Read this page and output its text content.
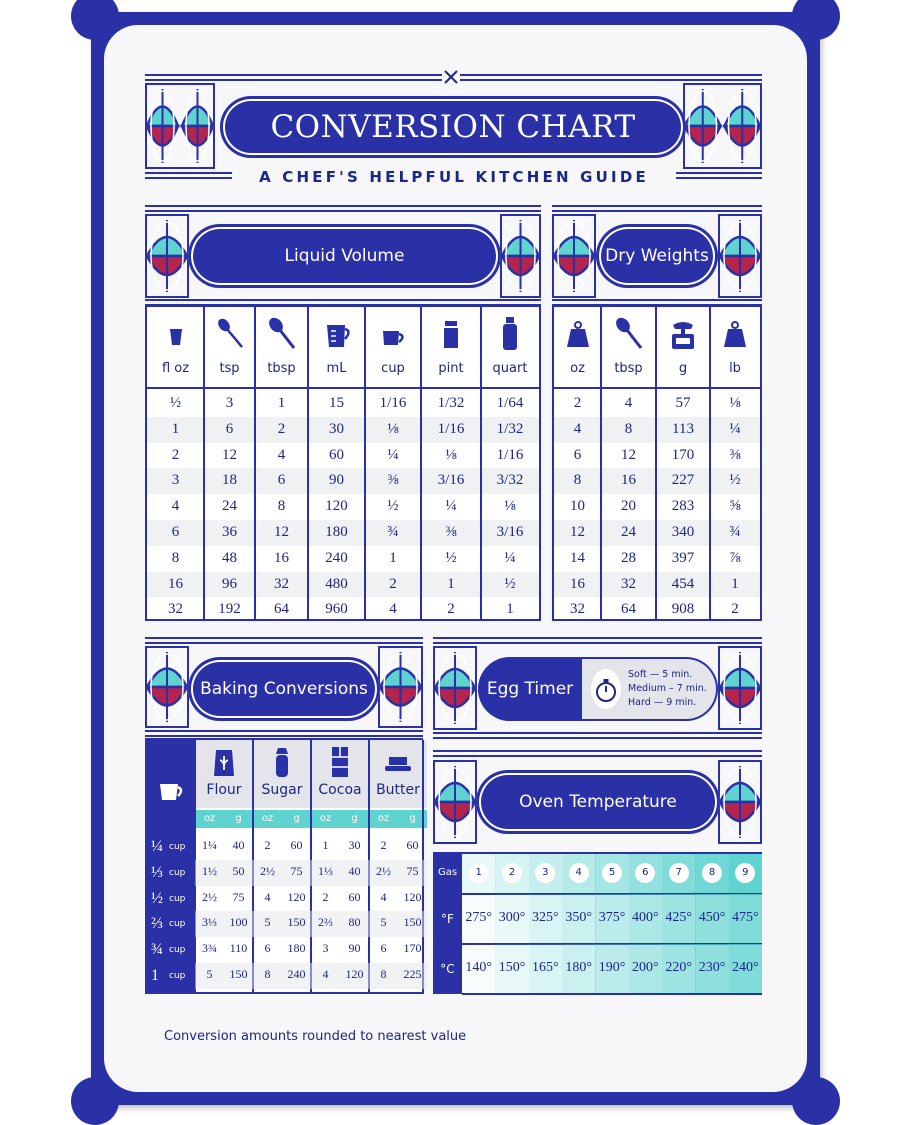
CONVERSION CHART
A CHEF'S HELPFUL KITCHEN GUIDE
Liquid Volume
fl oz	tsp	tbsp	mL	cup	pint	quart
½	3	1	15	1/16	1/32	1/64
1	6	2	30	⅛	1/16	1/32
2	12	4	60	¼	⅛	1/16
3	18	6	90	⅜	3/16	3/32
4	24	8	120	½	¼	⅛
6	36	12	180	¾	⅜	3/16
8	48	16	240	1	½	¼
16	96	32	480	2	1	½
32	192	64	960	4	2	1
Dry Weights
oz	tbsp	g	lb
2	4	57	⅛
4	8	113	¼
6	12	170	⅜
8	16	227	½
10	20	283	⅝
12	24	340	¾
14	28	397	⅞
16	32	454	1
32	64	908	2
Baking Conversions
Flour
oz	g
Sugar
oz	g
Cocoa
oz	g
Butter
oz	g
¼ cup	1¼	40	2	60	1	30	2	60
⅓ cup	1½	50	2½	75	1⅓	40	2½	75
½ cup	2½	75	4	120	2	60	4	120
⅔ cup	3⅓	100	5	150	2⅔	80	5	150
¾ cup	3¾	110	6	180	3	90	6	170
1 cup	5	150	8	240	4	120	8	225
Egg Timer
Soft — 5 min.
Medium – 7 min.
Hard — 9 min.
Oven Temperature
Gas	1	2	3	4	5	6	7	8	9
°F 275° 300° 325° 350° 375° 400° 425° 450° 475°
°C 140° 150° 165° 180° 190° 200° 220° 230° 240°
Conversion amounts rounded to nearest value
